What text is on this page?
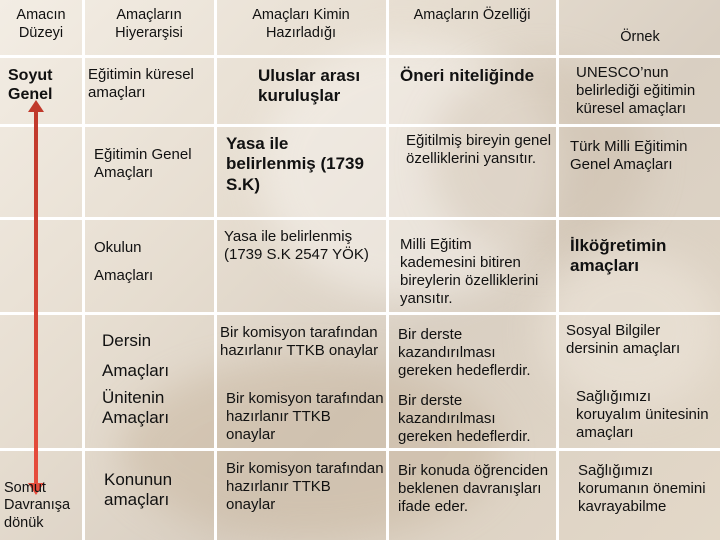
Amacın Düzeyi
Amaçların Hiyerarşisi
Amaçları Kimin Hazırladığı
Amaçların Özelliği
Örnek
Soyut Genel
Somut Davranışa dönük
Eğitimin küresel amaçları
Uluslar arası kuruluşlar
Öneri niteliğinde	UNESCO’nun belirlediği eğitimin küresel amaçları
Eğitimin Genel Amaçları
Yasa ile belirlenmiş (1739 S.K)
Eğitilmiş bireyin genel özelliklerini yansıtır.
Türk Milli Eğitimin Genel Amaçları
Okulun Amaçları
Yasa ile belirlenmiş (1739 S.K 2547 YÖK)
Milli Eğitim kademesini bitiren bireylerin özelliklerini yansıtır.
İlköğretimin amaçları
Dersin Amaçları
Bir komisyon tarafından hazırlanır TTKB onaylar
Bir derste kazandırılması gereken hedeflerdir.
Sosyal Bilgiler dersinin amaçları
Ünitenin Amaçları
Bir komisyon tarafından hazırlanır TTKB onaylar
Bir derste kazandırılması gereken hedeflerdir.
Sağlığımızı koruyalım ünitesinin amaçları
Konunun amaçları
Bir komisyon tarafından hazırlanır TTKB onaylar
Bir konuda öğrenciden beklenen davranışları ifade eder.
Sağlığımızı korumanın önemini kavrayabilme
